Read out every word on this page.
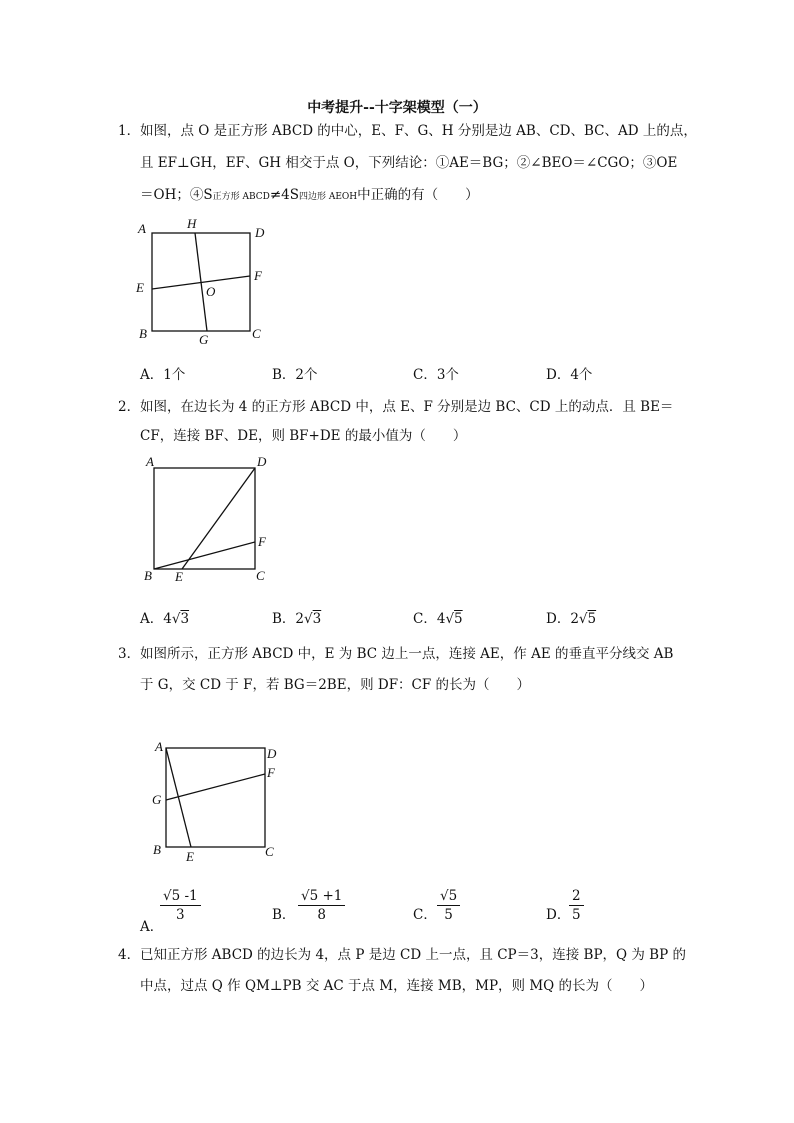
中考提升--十字架模型（一）
1． 如图，点 O 是正方形 ABCD 的中心，E、F、G、H 分别是边 AB、CD、BC、AD 上的点，
且 EF⊥GH，EF、GH 相交于点 O，下列结论：①AE＝BG；②∠BEO＝∠CGO；③OE
＝OH；④S正方形 ABCD≠4S四边形 AEOH中正确的有（　　）
A	H
D
E	O
F
B	G	C
A	D
F
B E	C
A	D
F
G
B E	C
A．1个	B．2个	C．3个	D．4个
2． 如图，在边长为 4 的正方形 ABCD 中，点 E、F 分别是边 BC、CD 上的动点．且 BE＝
CF，连接 BF、DE，则 BF+DE 的最小值为（　　）
A．4√3	B．2√3	C．4√5	D．2√5
3． 如图所示，正方形 ABCD 中，E 为 BC 边上一点，连接 AE，作 AE 的垂直平分线交 AB
于 G，交 CD 于 F，若 BG＝2BE，则 DF：CF 的长为（　　）
A．
$\frac{√5 -1}{3}$	B． $\frac{√5 +1}{8}$	C． $\frac{√5}{5}$	D．
$\frac{2}{5}$
4． 已知正方形 ABCD 的边长为 4，点 P 是边 CD 上一点，且 CP＝3，连接 BP，Q 为 BP 的
中点，过点 Q 作 QM⊥PB 交 AC 于点 M，连接 MB，MP，则 MQ 的长为（　　）
